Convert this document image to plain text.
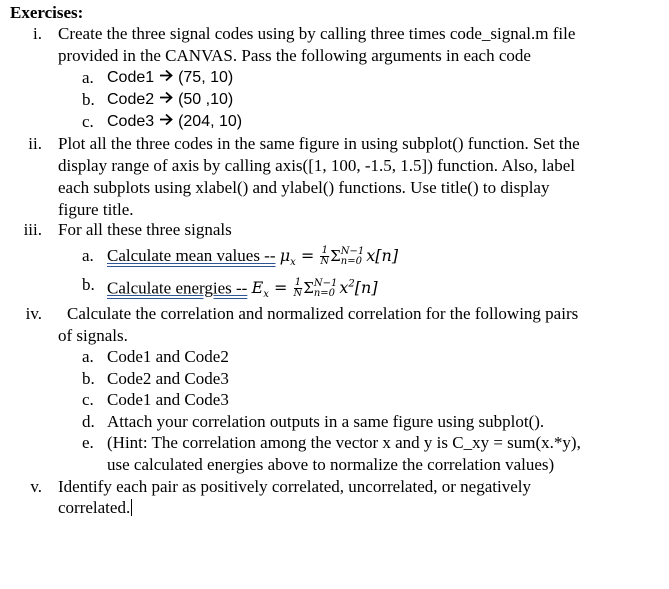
Exercises:
i. Create the three signal codes using by calling three times code_signal.m file
provided in the CANVAS. Pass the following arguments in each code
a. Code1 (75, 10)
b. Code2 (50 ,10)
c. Code3 (204, 10)
ii. Plot all the three codes in the same figure in using subplot() function. Set the
display range of axis by calling axis([1, 100, -1.5, 1.5]) function. Also, label
each subplots using xlabel() and ylabel() functions. Use title() to display
figure title.
iii. For all these three signals
a. Calculate mean values -- $\mu_x = \frac{1}{N}$ Σ N−1
n=0 x[n]
b. Calculate energies -- $E_x = \frac{1}{N}$ Σ N−1
n=0 $x^2[n]$
iv. Calculate the correlation and normalized correlation for the following pairs
of signals.
a. Code1 and Code2
b. Code2 and Code3
c. Code1 and Code3
d. Attach your correlation outputs in a same figure using subplot().
e. (Hint: The correlation among the vector x and y is C_xy = sum(x.*y),
use calculated energies above to normalize the correlation values)
v. Identify each pair as positively correlated, uncorrelated, or negatively
correlated.
